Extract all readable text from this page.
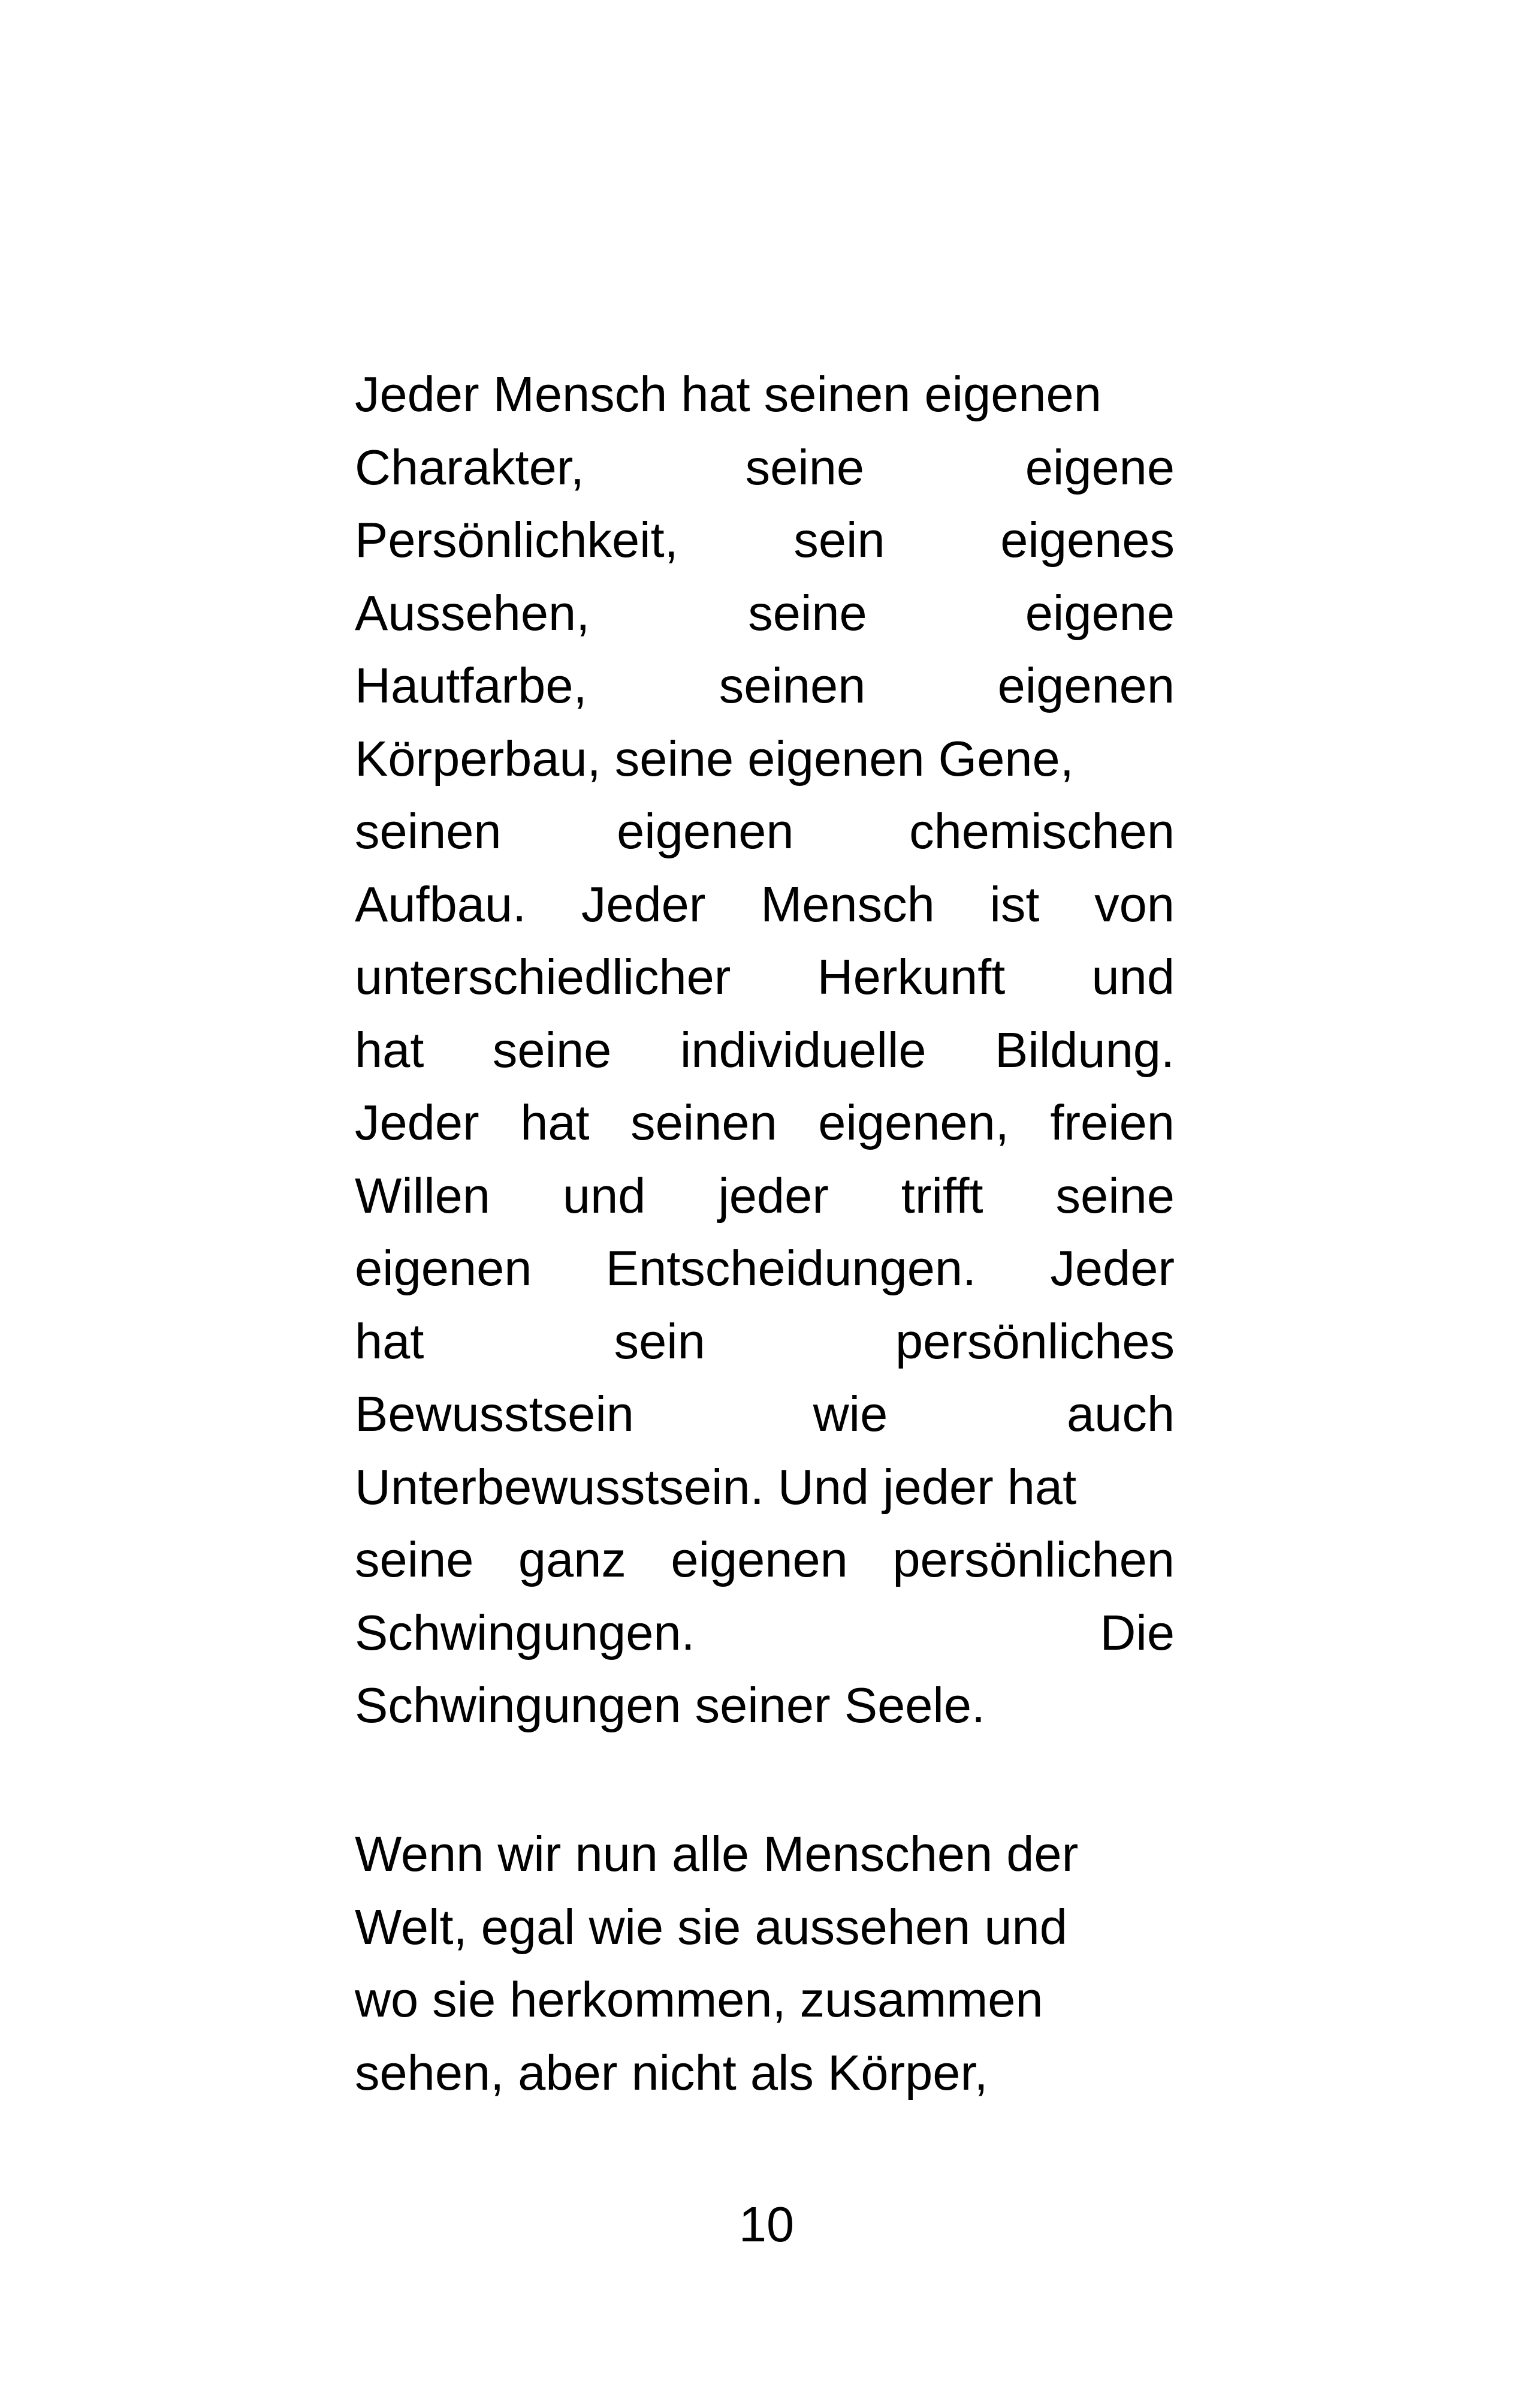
Jeder Mensch hat seinen eigenen
Charakter,	seine	eigene
Persönlichkeit, sein eigenes
Aussehen,	seine	eigene
Hautfarbe,	seinen	eigenen
Körperbau, seine eigenen Gene,
seinen eigenen chemischen
Aufbau. Jeder Mensch ist von
unterschiedlicher Herkunft und
hat seine individuelle Bildung.
Jeder hat seinen eigenen, freien
Willen und jeder trifft seine
eigenen Entscheidungen. Jeder
hat	sein	persönliches
Bewusstsein	wie	auch
Unterbewusstsein. Und jeder hat
seine ganz eigenen persönlichen
Schwingungen.	Die
Schwingungen seiner Seele.
Wenn wir nun alle Menschen der
Welt, egal wie sie aussehen und
wo sie herkommen, zusammen
sehen, aber nicht als Körper,
10
